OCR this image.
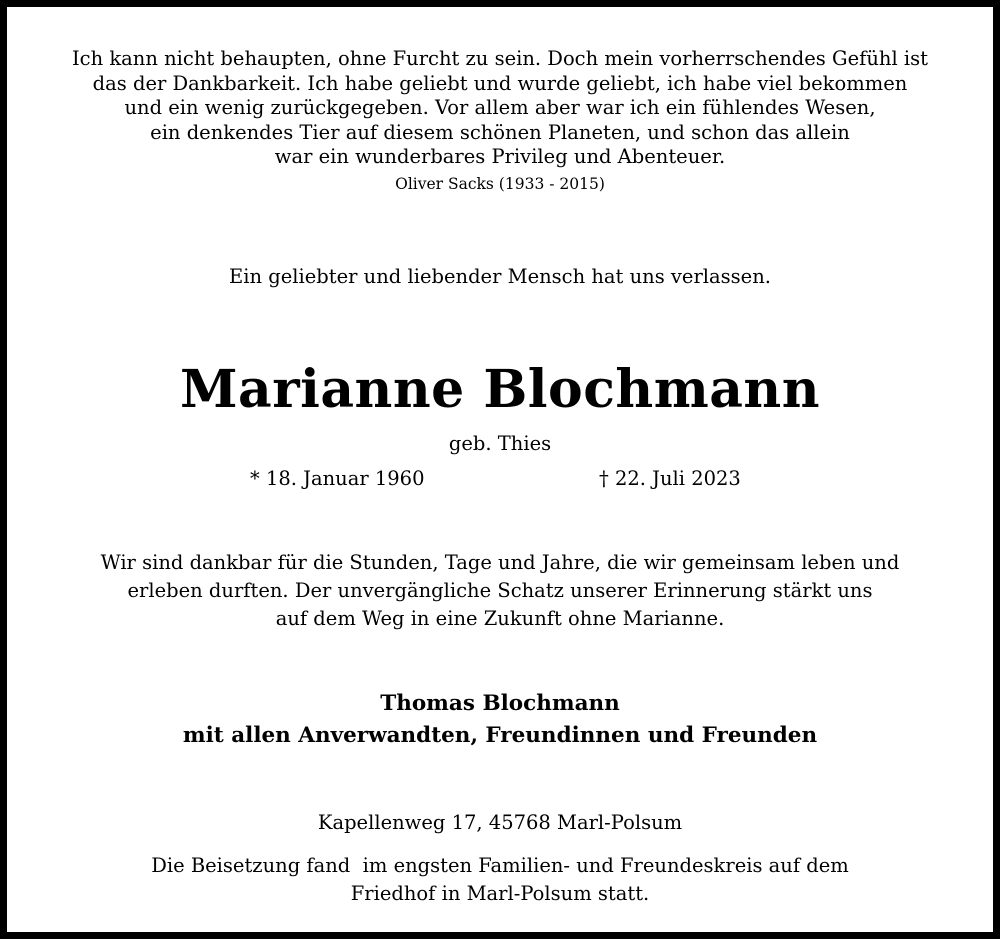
Ich kann nicht behaupten, ohne Furcht zu sein. Doch mein vorherrschendes Gefühl ist
das der Dankbarkeit. Ich habe geliebt und wurde geliebt, ich habe viel bekommen
und ein wenig zurückgegeben. Vor allem aber war ich ein fühlendes Wesen,
ein denkendes Tier auf diesem schönen Planeten, und schon das allein
war ein wunderbares Privileg und Abenteuer.
Oliver Sacks (1933 - 2015)
Ein geliebter und liebender Mensch hat uns verlassen.
Marianne Blochmann
geb. Thies
* 18. Januar 1960	† 22. Juli 2023
Wir sind dankbar für die Stunden, Tage und Jahre, die wir gemeinsam leben und
erleben durften. Der unvergängliche Schatz unserer Erinnerung stärkt uns
auf dem Weg in eine Zukunft ohne Marianne.
Thomas Blochmann
mit allen Anverwandten, Freundinnen und Freunden
Kapellenweg 17, 45768 Marl-Polsum
Die Beisetzung fand  im engsten Familien- und Freundeskreis auf dem
Friedhof in Marl-Polsum statt.
